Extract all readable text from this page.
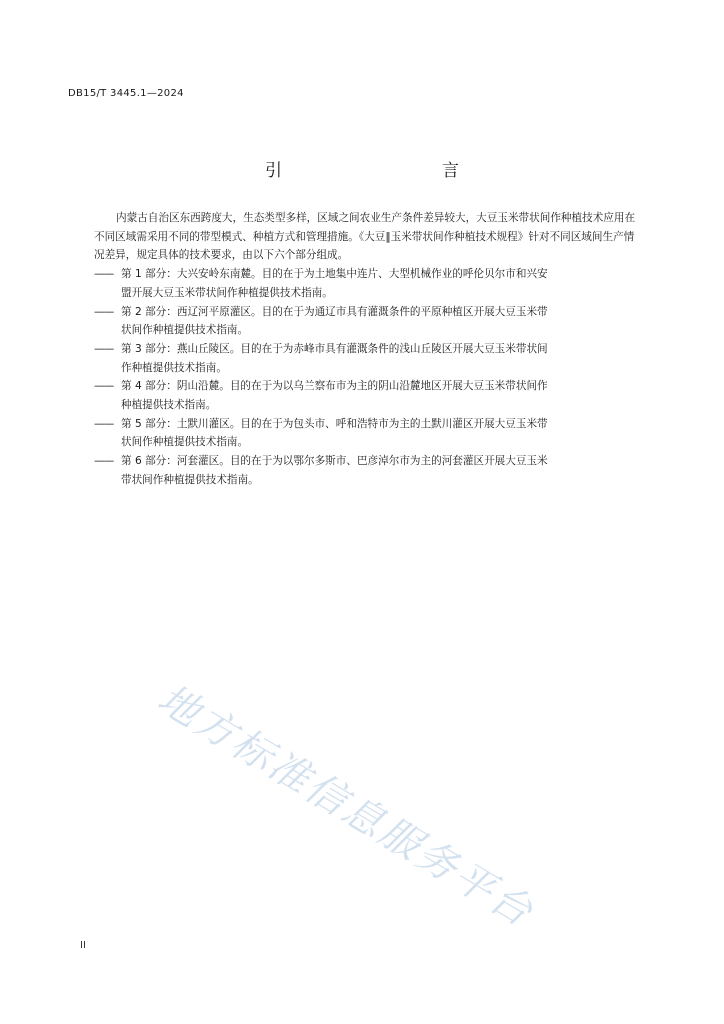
DB15/T 3445.1—2024
引　　言

内蒙古自治区东西跨度大，生态类型多样，区域之间农业生产条件差异较大，大豆玉米带状间作种植技术应用在不同区域需采用不同的带型模式、种植方式和管理措施。《大豆‖玉米带状间作种植技术规程》针对不同区域间生产情况差异，规定具体的技术要求，由以下六个部分组成。

—— 第 1 部分：大兴安岭东南麓。目的在于为土地集中连片、大型机械作业的呼伦贝尔市和兴安
盟开展大豆玉米带状间作种植提供技术指南。

—— 第 2 部分：西辽河平原灌区。目的在于为通辽市具有灌溉条件的平原种植区开展大豆玉米带
状间作种植提供技术指南。

—— 第 3 部分：燕山丘陵区。目的在于为赤峰市具有灌溉条件的浅山丘陵区开展大豆玉米带状间
作种植提供技术指南。

—— 第 4 部分：阴山沿麓。目的在于为以乌兰察布市为主的阴山沿麓地区开展大豆玉米带状间作
种植提供技术指南。

—— 第 5 部分：土默川灌区。目的在于为包头市、呼和浩特市为主的土默川灌区开展大豆玉米带
状间作种植提供技术指南。

—— 第 6 部分：河套灌区。目的在于为以鄂尔多斯市、巴彦淖尔市为主的河套灌区开展大豆玉米
带状间作种植提供技术指南。

地方标准信息服务平台
II
